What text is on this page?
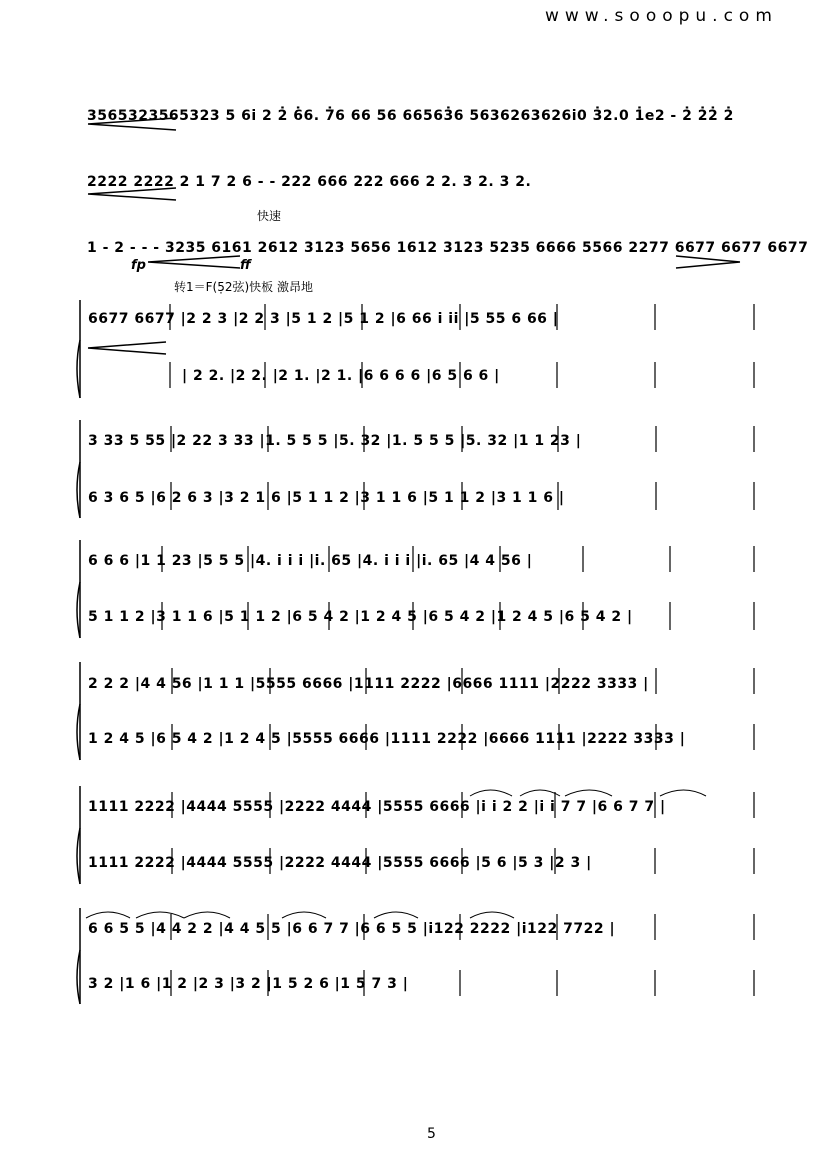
www.sooopu.com
3565323565323 5 6i 2 2̇ 6̇6. 7̇6 66 56 66563̇6 5636263626i0 3̇2.0 1̇e2 - 2̇ 2̇2̇ 2̇
2222 2222 2 1 7 2 6 - - 222 666 222 666 2 2. 3 2. 3 2.
快速
1 - 2 - - - 3235 6161 2612 3123 5656 1612 3123 5235 6666 5566 2277 6677 6677 6677
fp	ff
转1＝F(5̣2弦)快板 激昂地
6677 6677 |2 2 3 |2 2 3 |5 1 2 |5 1 2 |6 66 i ii |5 55 6 66 |
| 2 2. |2 2. |2 1. |2 1. |6 6 6 6 |6 5 6 6 |
3 33 5 55 |2 22 3 33 |1. 5 5 5 |5. 32 |1. 5 5 5 |5. 32 |1 1 23 |
6 3 6 5 |6 2 6 3 |3 2 1 6 |5 1 1 2 |3 1 1 6 |5 1 1 2 |3 1 1 6 |
6 6 6 |1 1 23 |5 5 5 |4. i i i |i. 65 |4. i i i |i. 65 |4 4 56 |
5 1 1 2 |3 1 1 6 |5 1 1 2 |6 5 4 2 |1 2 4 5 |6 5 4 2 |1 2 4 5 |6 5 4 2 |
2 2 2 |4 4 56 |1 1 1 |5555 6666 |1111 2222 |6666 1111 |2222 3333 |
1 2 4 5 |6 5 4 2 |1 2 4 5 |5555 6666 |1111 2222 |6666 1111 |2222 3333 |
1111 2222 |4444 5555 |2222 4444 |5555 6666 |i i 2 2 |i i 7 7 |6 6 7 7 |
1111 2222 |4444 5555 |2222 4444 |5555 6666 |5 6 |5 3 |2 3 |
6 6 5 5 |4 4 2 2 |4 4 5 5 |6 6 7 7 |6 6 5 5 |i122 2222 |i122 7722 |
3 2 |1 6 |1 2 |2 3 |3 2 |1 5 2 6 |1 5 7 3 |
5
